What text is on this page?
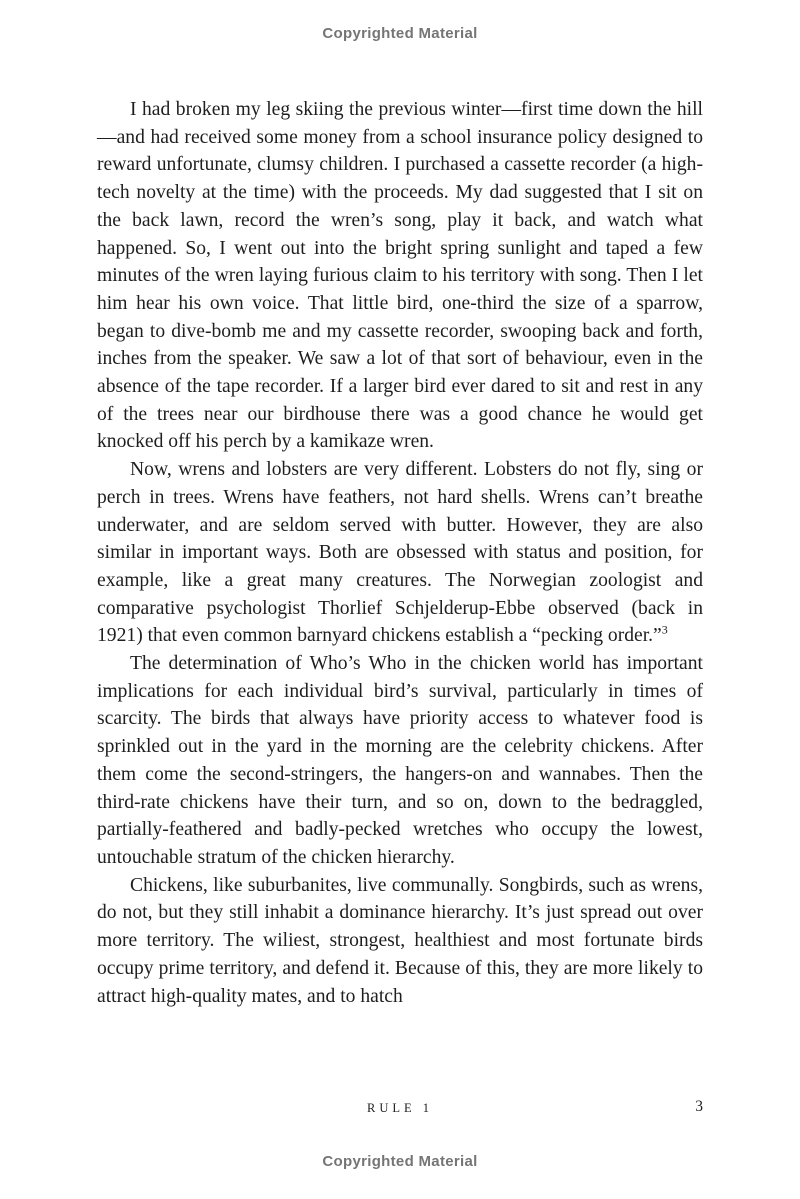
Copyrighted Material

I had broken my leg skiing the previous winter—first time down the hill—and had received some money from a school insurance policy designed to reward unfortunate, clumsy children. I purchased a cassette recorder (a high-tech novelty at the time) with the proceeds. My dad suggested that I sit on the back lawn, record the wren’s song, play it back, and watch what happened. So, I went out into the bright spring sunlight and taped a few minutes of the wren laying furious claim to his territory with song. Then I let him hear his own voice. That little bird, one-third the size of a sparrow, began to dive-bomb me and my cassette recorder, swooping back and forth, inches from the speaker. We saw a lot of that sort of behaviour, even in the absence of the tape recorder. If a larger bird ever dared to sit and rest in any of the trees near our birdhouse there was a good chance he would get knocked off his perch by a kamikaze wren.

Now, wrens and lobsters are very different. Lobsters do not fly, sing or perch in trees. Wrens have feathers, not hard shells. Wrens can’t breathe underwater, and are seldom served with butter. However, they are also similar in important ways. Both are obsessed with status and position, for example, like a great many creatures. The Norwegian zoologist and comparative psychologist Thorlief Schjelderup-Ebbe observed (back in 1921) that even common barnyard chickens establish a “pecking order.”$^3$

The determination of Who’s Who in the chicken world has important implications for each individual bird’s survival, particularly in times of scarcity. The birds that always have priority access to whatever food is sprinkled out in the yard in the morning are the celebrity chickens. After them come the second-stringers, the hangers-on and wannabes. Then the third-rate chickens have their turn, and so on, down to the bedraggled, partially-feathered and badly-pecked wretches who occupy the lowest, untouchable stratum of the chicken hierarchy.

Chickens, like suburbanites, live communally. Songbirds, such as wrens, do not, but they still inhabit a dominance hierarchy. It’s just spread out over more territory. The wiliest, strongest, healthiest and most fortunate birds occupy prime territory, and defend it. Because of this, they are more likely to attract high-quality mates, and to hatch

RULE 1	3
Copyrighted Material
